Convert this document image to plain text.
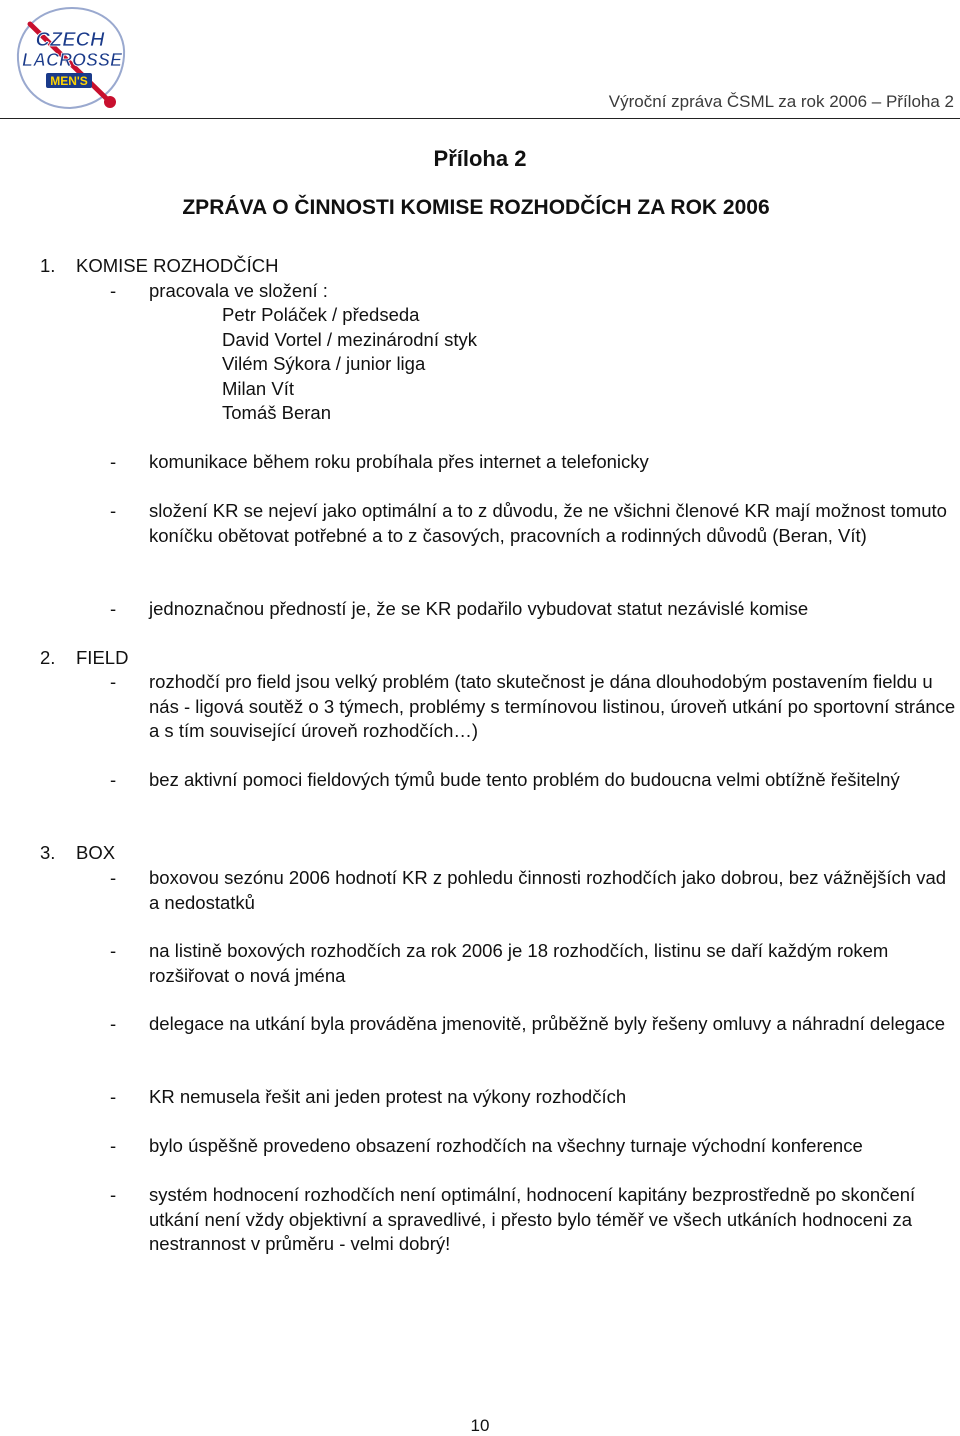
CZECH
LACROSSE
MEN'S
Výroční zpráva ČSML za rok 2006 – Příloha 2
Příloha 2
ZPRÁVA O ČINNOSTI KOMISE ROZHODČÍCH ZA ROK 2006
1. KOMISE ROZHODČÍCH
- pracovala ve složení :
Petr Poláček / předseda
David Vortel / mezinárodní styk
Vilém Sýkora / junior liga
Milan Vít
Tomáš Beran
- komunikace během roku probíhala přes internet a telefonicky
- složení KR se nejeví jako optimální a to z důvodu, že ne všichni členové KR mají možnost tomuto koníčku obětovat potřebné a to z časových, pracovních a rodinných důvodů (Beran, Vít)
- jednoznačnou předností je, že se KR podařilo vybudovat statut nezávislé komise
2. FIELD
- rozhodčí pro field jsou velký problém (tato skutečnost je dána dlouhodobým postavením fieldu u nás - ligová soutěž o 3 týmech, problémy s termínovou listinou, úroveň utkání po sportovní stránce a s tím související úroveň rozhodčích…)
- bez aktivní pomoci fieldových týmů bude tento problém do budoucna velmi obtížně řešitelný
3. BOX
- boxovou sezónu 2006 hodnotí KR z pohledu činnosti rozhodčích jako dobrou, bez vážnějších vad a nedostatků
- na listině boxových rozhodčích za rok 2006 je 18 rozhodčích, listinu se daří každým rokem rozšiřovat o nová jména
- delegace na utkání byla prováděna jmenovitě, průběžně byly řešeny omluvy a náhradní delegace
- KR nemusela řešit ani jeden protest na výkony rozhodčích
- bylo úspěšně provedeno obsazení rozhodčích na všechny turnaje východní konference
- systém hodnocení rozhodčích není optimální, hodnocení kapitány bezprostředně po skončení utkání není vždy objektivní a spravedlivé, i přesto bylo téměř ve všech utkáních hodnoceni za nestrannost v průměru - velmi dobrý!
10
